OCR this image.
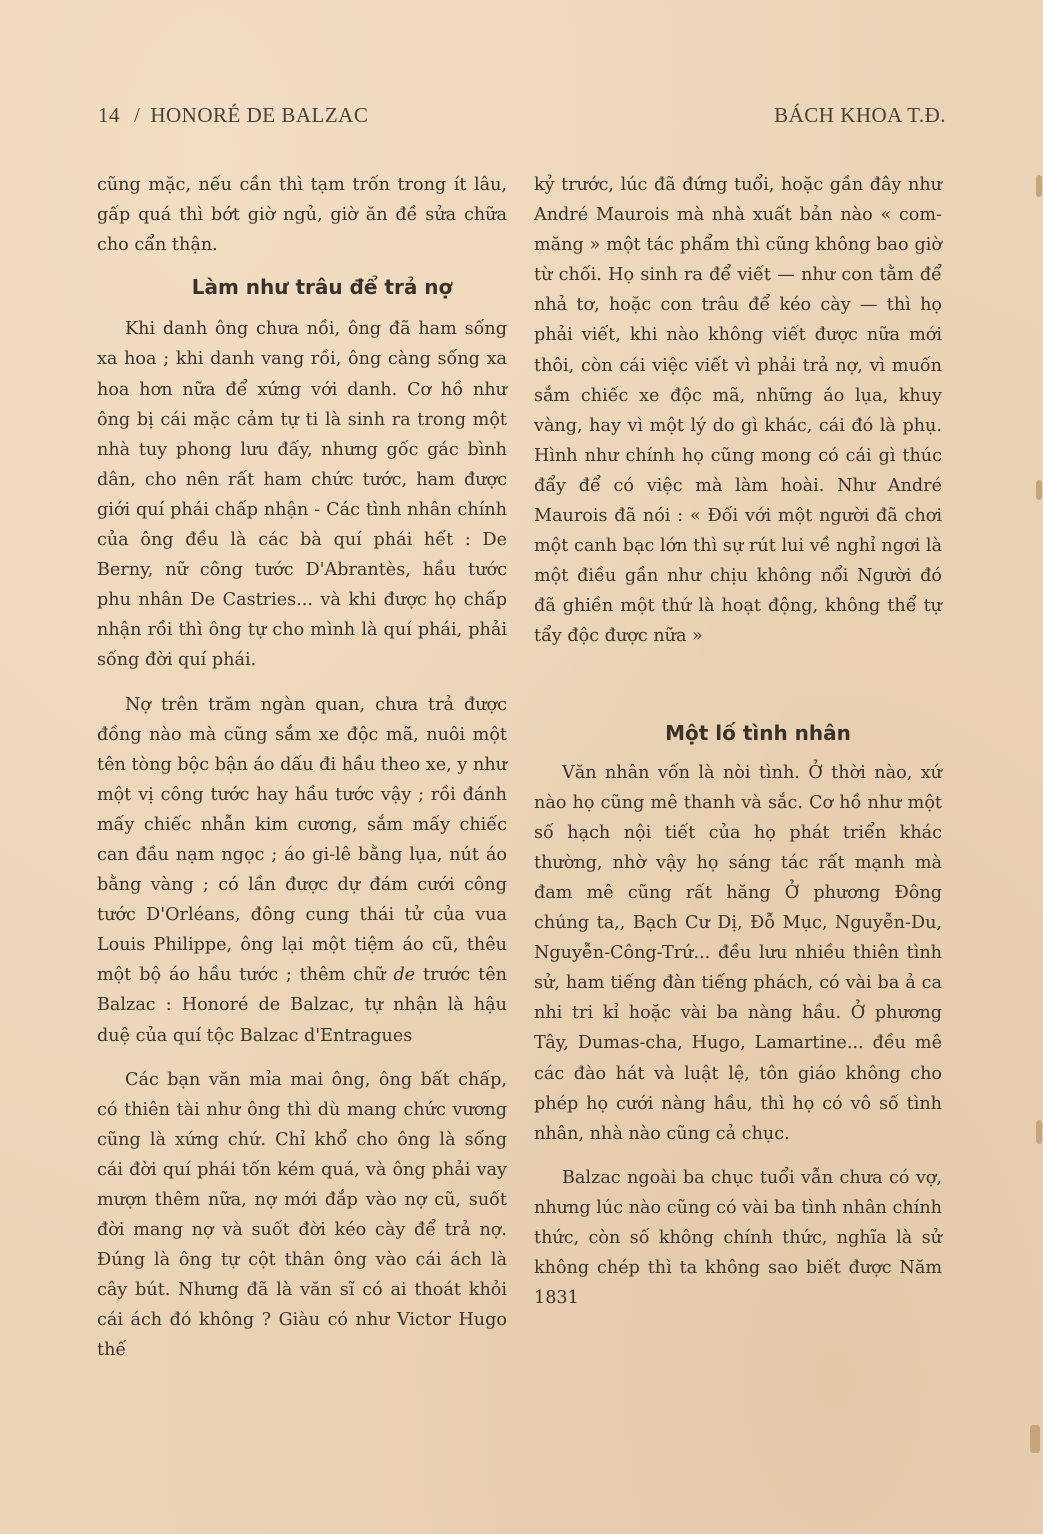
14 / HONORÉ DE BALZAC	BÁCH KHOA T.Đ.

cũng mặc, nếu cần thì tạm trốn trong ít lâu, gấp quá thì bớt giờ ngủ, giờ ăn đề sửa chữa cho cẩn thận.

Làm như trâu để trả nợ

Khi danh ông chưa nồi, ông đã ham sống xa hoa ; khi danh vang rồi, ông càng sống xa hoa hơn nữa để xứng với danh. Cơ hồ như ông bị cái mặc cảm tự ti là sinh ra trong một nhà tuy phong lưu đấy, nhưng gốc gác bình dân, cho nên rất ham chức tước, ham được giới quí phái chấp nhận - Các tình nhân chính của ông đều là các bà quí phái hết : De Berny, nữ công tước D'Abrantès, hầu tước phu nhân De Castries... và khi được họ chấp nhận rồi thì ông tự cho mình là quí phái, phải sống đời quí phái.

Nợ trên trăm ngàn quan, chưa trả được đồng nào mà cũng sắm xe độc mã, nuôi một tên tòng bộc bận áo dấu đi hầu theo xe, y như một vị công tước hay hầu tước vậy ; rồi đánh mấy chiếc nhẫn kim cương, sắm mấy chiếc can đầu nạm ngọc ; áo gi-lê bằng lụa, nút áo bằng vàng ; có lần được dự đám cưới công tước D'Orléans, đông cung thái tử của vua Louis Philippe, ông lại một tiệm áo cũ, thêu một bộ áo hầu tước ; thêm chữ de trước tên Balzac : Honoré de Balzac, tự nhận là hậu duệ của quí tộc Balzac d'Entragues

Các bạn văn mỉa mai ông, ông bất chấp, có thiên tài như ông thì dù mang chức vương cũng là xứng chứ. Chỉ khổ cho ông là sống cái đời quí phái tốn kém quá, và ông phải vay mượn thêm nữa, nợ mới đắp vào nợ cũ, suốt đời mang nợ và suốt đời kéo cày để trả nợ. Đúng là ông tự cột thân ông vào cái ách là cây bút. Nhưng đã là văn sĩ có ai thoát khỏi cái ách đó không ? Giàu có như Victor Hugo thế

kỷ trước, lúc đã đứng tuổi, hoặc gần đây như André Maurois mà nhà xuất bản nào « com-măng » một tác phẩm thì cũng không bao giờ từ chối. Họ sinh ra để viết — như con tằm để nhả tơ, hoặc con trâu để kéo cày — thì họ phải viết, khi nào không viết được nữa mới thôi, còn cái việc viết vì phải trả nợ, vì muốn sắm chiếc xe độc mã, những áo lụa, khuy vàng, hay vì một lý do gì khác, cái đó là phụ. Hình như chính họ cũng mong có cái gì thúc đẩy để có việc mà làm hoài. Như André Maurois đã nói : « Đối với một người đã chơi một canh bạc lớn thì sự rút lui về nghỉ ngơi là một điều gần như chịu không nổi Người đó đã ghiền một thứ là hoạt động, không thể tự tẩy độc được nữa »

Một lố tình nhân

Văn nhân vốn là nòi tình. Ở thời nào, xứ nào họ cũng mê thanh và sắc. Cơ hồ như một số hạch nội tiết của họ phát triển khác thường, nhờ vậy họ sáng tác rất mạnh mà đam mê cũng rất hăng Ở phương Đông chúng ta,, Bạch Cư Dị, Đỗ Mục, Nguyễn-Du, Nguyễn-Công-Trứ... đều lưu nhiều thiên tình sử, ham tiếng đàn tiếng phách, có vài ba ả ca nhi tri kỉ hoặc vài ba nàng hầu. Ở phương Tây, Dumas-cha, Hugo, Lamartine... đều mê các đào hát và luật lệ, tôn giáo không cho phép họ cưới nàng hầu, thì họ có vô số tình nhân, nhà nào cũng cả chục.

Balzac ngoài ba chục tuổi vẫn chưa có vợ, nhưng lúc nào cũng có vài ba tình nhân chính thức, còn số không chính thức, nghĩa là sử không chép thì ta không sao biết được Năm 1831
